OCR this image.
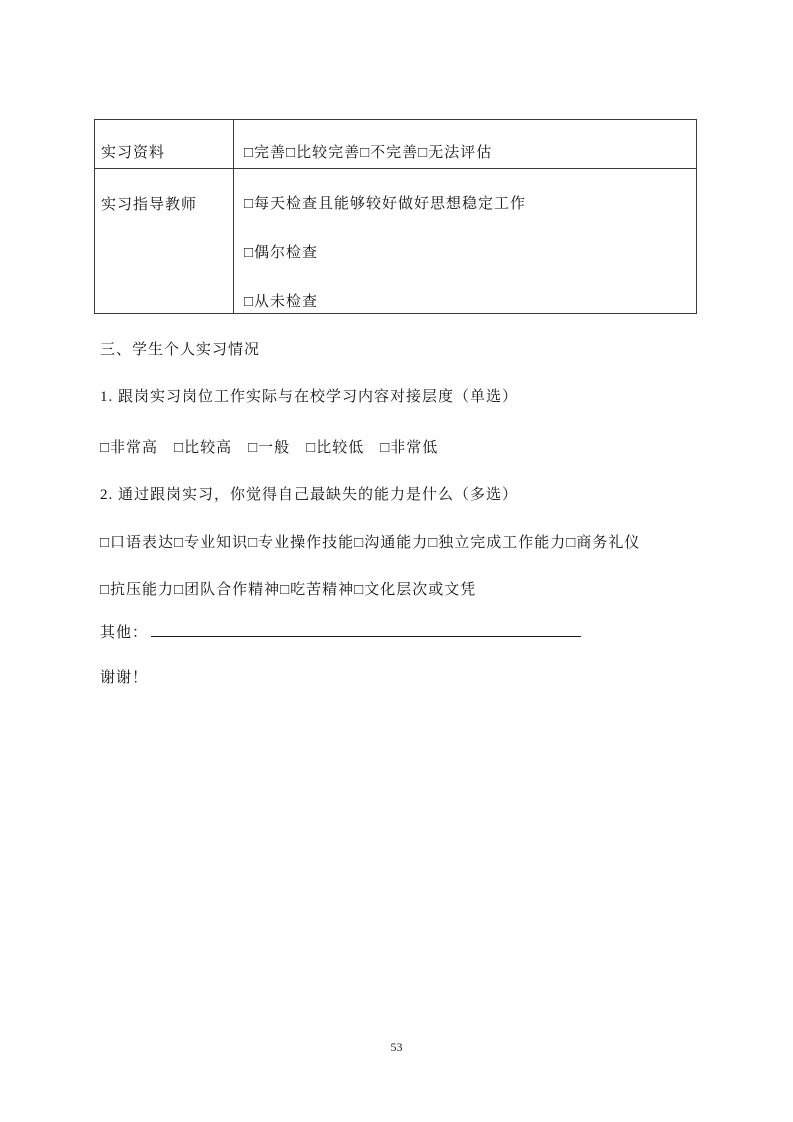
实习资料	□完善□比较完善□不完善□无法评估
实习指导教师	□每天检查且能够较好做好思想稳定工作
□偶尔检查
□从未检查
三、学生个人实习情况
1. 跟岗实习岗位工作实际与在校学习内容对接层度（单选）
□非常高　□比较高　□一般　□比较低　□非常低
2. 通过跟岗实习，你觉得自己最缺失的能力是什么（多选）
□口语表达□专业知识□专业操作技能□沟通能力□独立完成工作能力□商务礼仪
□抗压能力□团队合作精神□吃苦精神□文化层次或文凭
其他：
谢谢！
53
